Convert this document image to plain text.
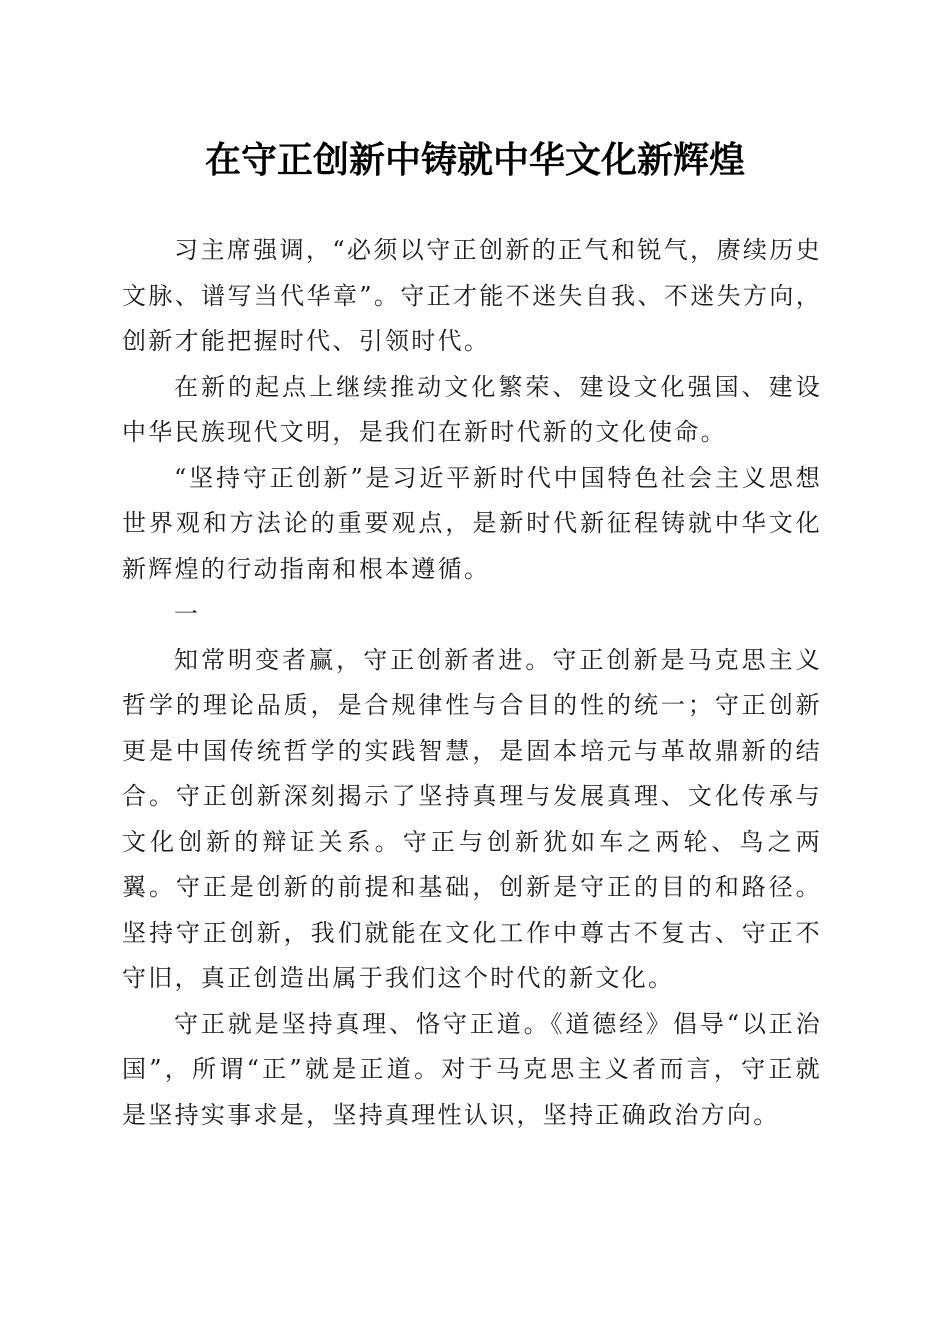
在守正创新中铸就中华文化新辉煌

习主席强调，“必须以守正创新的正气和锐气，赓续历史文脉、谱写当代华章”。守正才能不迷失自我、不迷失方向，创新才能把握时代、引领时代。

在新的起点上继续推动文化繁荣、建设文化强国、建设中华民族现代文明，是我们在新时代新的文化使命。

“坚持守正创新”是习近平新时代中国特色社会主义思想世界观和方法论的重要观点，是新时代新征程铸就中华文化新辉煌的行动指南和根本遵循。

一

知常明变者赢，守正创新者进。守正创新是马克思主义哲学的理论品质，是合规律性与合目的性的统一；守正创新更是中国传统哲学的实践智慧，是固本培元与革故鼎新的结合。守正创新深刻揭示了坚持真理与发展真理、文化传承与文化创新的辩证关系。守正与创新犹如车之两轮、鸟之两翼。守正是创新的前提和基础，创新是守正的目的和路径。坚持守正创新，我们就能在文化工作中尊古不复古、守正不守旧，真正创造出属于我们这个时代的新文化。

守正就是坚持真理、恪守正道。《道德经》倡导“以正治国”，所谓“正”就是正道。对于马克思主义者而言，守正就是坚持实事求是，坚持真理性认识，坚持正确政治方向。
